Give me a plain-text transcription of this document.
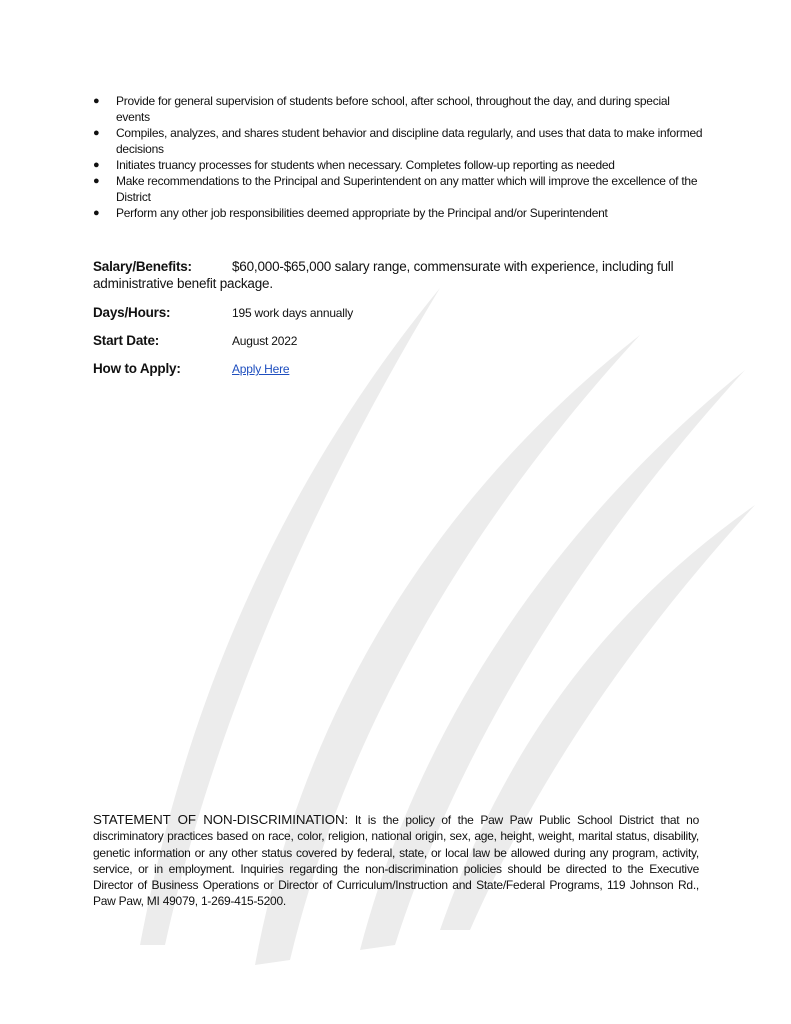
● Provide for general supervision of students before school, after school, throughout the day, and during special events
● Compiles, analyzes, and shares student behavior and discipline data regularly, and uses that data to make informed decisions
● Initiates truancy processes for students when necessary. Completes follow-up reporting as needed
● Make recommendations to the Principal and Superintendent on any matter which will improve the excellence of the District
● Perform any other job responsibilities deemed appropriate by the Principal and/or Superintendent
Salary/Benefits:	$60,000-$65,000 salary range, commensurate with experience, including full administrative benefit package.
Days/Hours:	195 work days annually
Start Date:	August 2022
How to Apply:	Apply Here

STATEMENT OF NON-DISCRIMINATION: It is the policy of the Paw Paw Public School District that no discriminatory practices based on race, color, religion, national origin, sex, age, height, weight, marital status, disability, genetic information or any other status covered by federal, state, or local law be allowed during any program, activity, service, or in employment. Inquiries regarding the non-discrimination policies should be directed to the Executive Director of Business Operations or Director of Curriculum/Instruction and State/Federal Programs, 119 Johnson Rd., Paw Paw, MI 49079, 1-269-415-5200.
